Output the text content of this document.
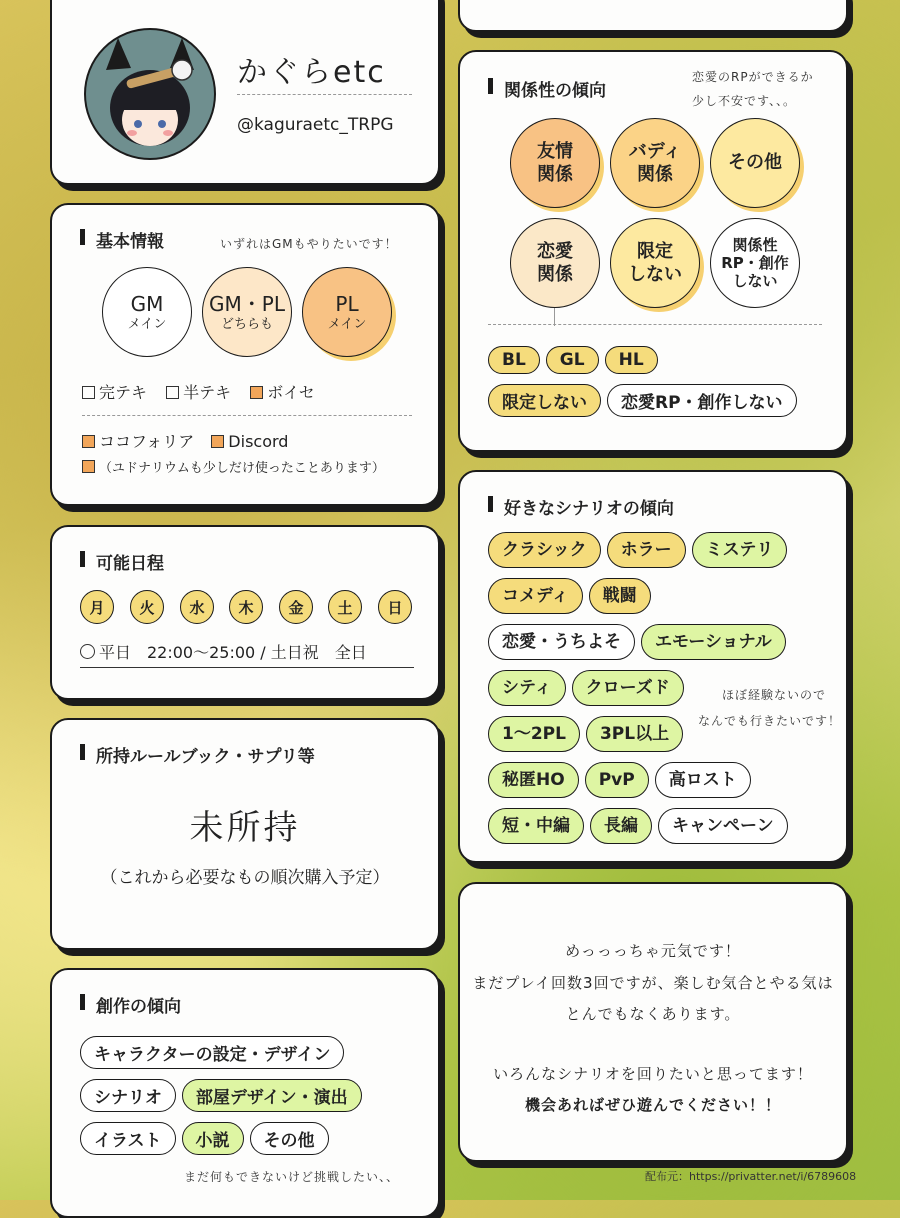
かぐらetc
@kaguraetc_TRPG
基本情報	いずれはGMもやりたいです！
GM
メイン
GM・PL
どちらも
PL
メイン
完テキ 半テキ ボイセ
ココフォリア Discord
（ユドナリウムも少しだけ使ったことあります）
可能日程
月	火	水	木	金	土	日
平日　22:00～25:00 / 土日祝　全日
所持ルールブック・サプリ等
未所持
（これから必要なもの順次購入予定）
創作の傾向
キャラクターの設定・デザイン
シナリオ 部屋デザイン・演出
イラスト 小説 その他
まだ何もできないけど挑戦したい、、
関係性の傾向
恋愛のRPができるか
少し不安です、、。
友情
関係
バディ
関係
その他
恋愛
関係
限定
しない
関係性
RP・創作
しない
BL GL HL
限定しない 恋愛RP・創作しない
好きなシナリオの傾向
クラシック ホラー ミステリ
コメディ 戦闘
恋愛・うちよそ エモーショナル
シティ クローズド
1～2PL 3PL以上
秘匿HO PvP 高ロスト
短・中編 長編 キャンペーン
ほぼ経験ないので
なんでも行きたいです！
めっっっちゃ元気です！
まだプレイ回数3回ですが、楽しむ気合とやる気は
とんでもなくあります。
いろんなシナリオを回りたいと思ってます！
機会あればぜひ遊んでください！！
配布元：https://privatter.net/i/6789608
